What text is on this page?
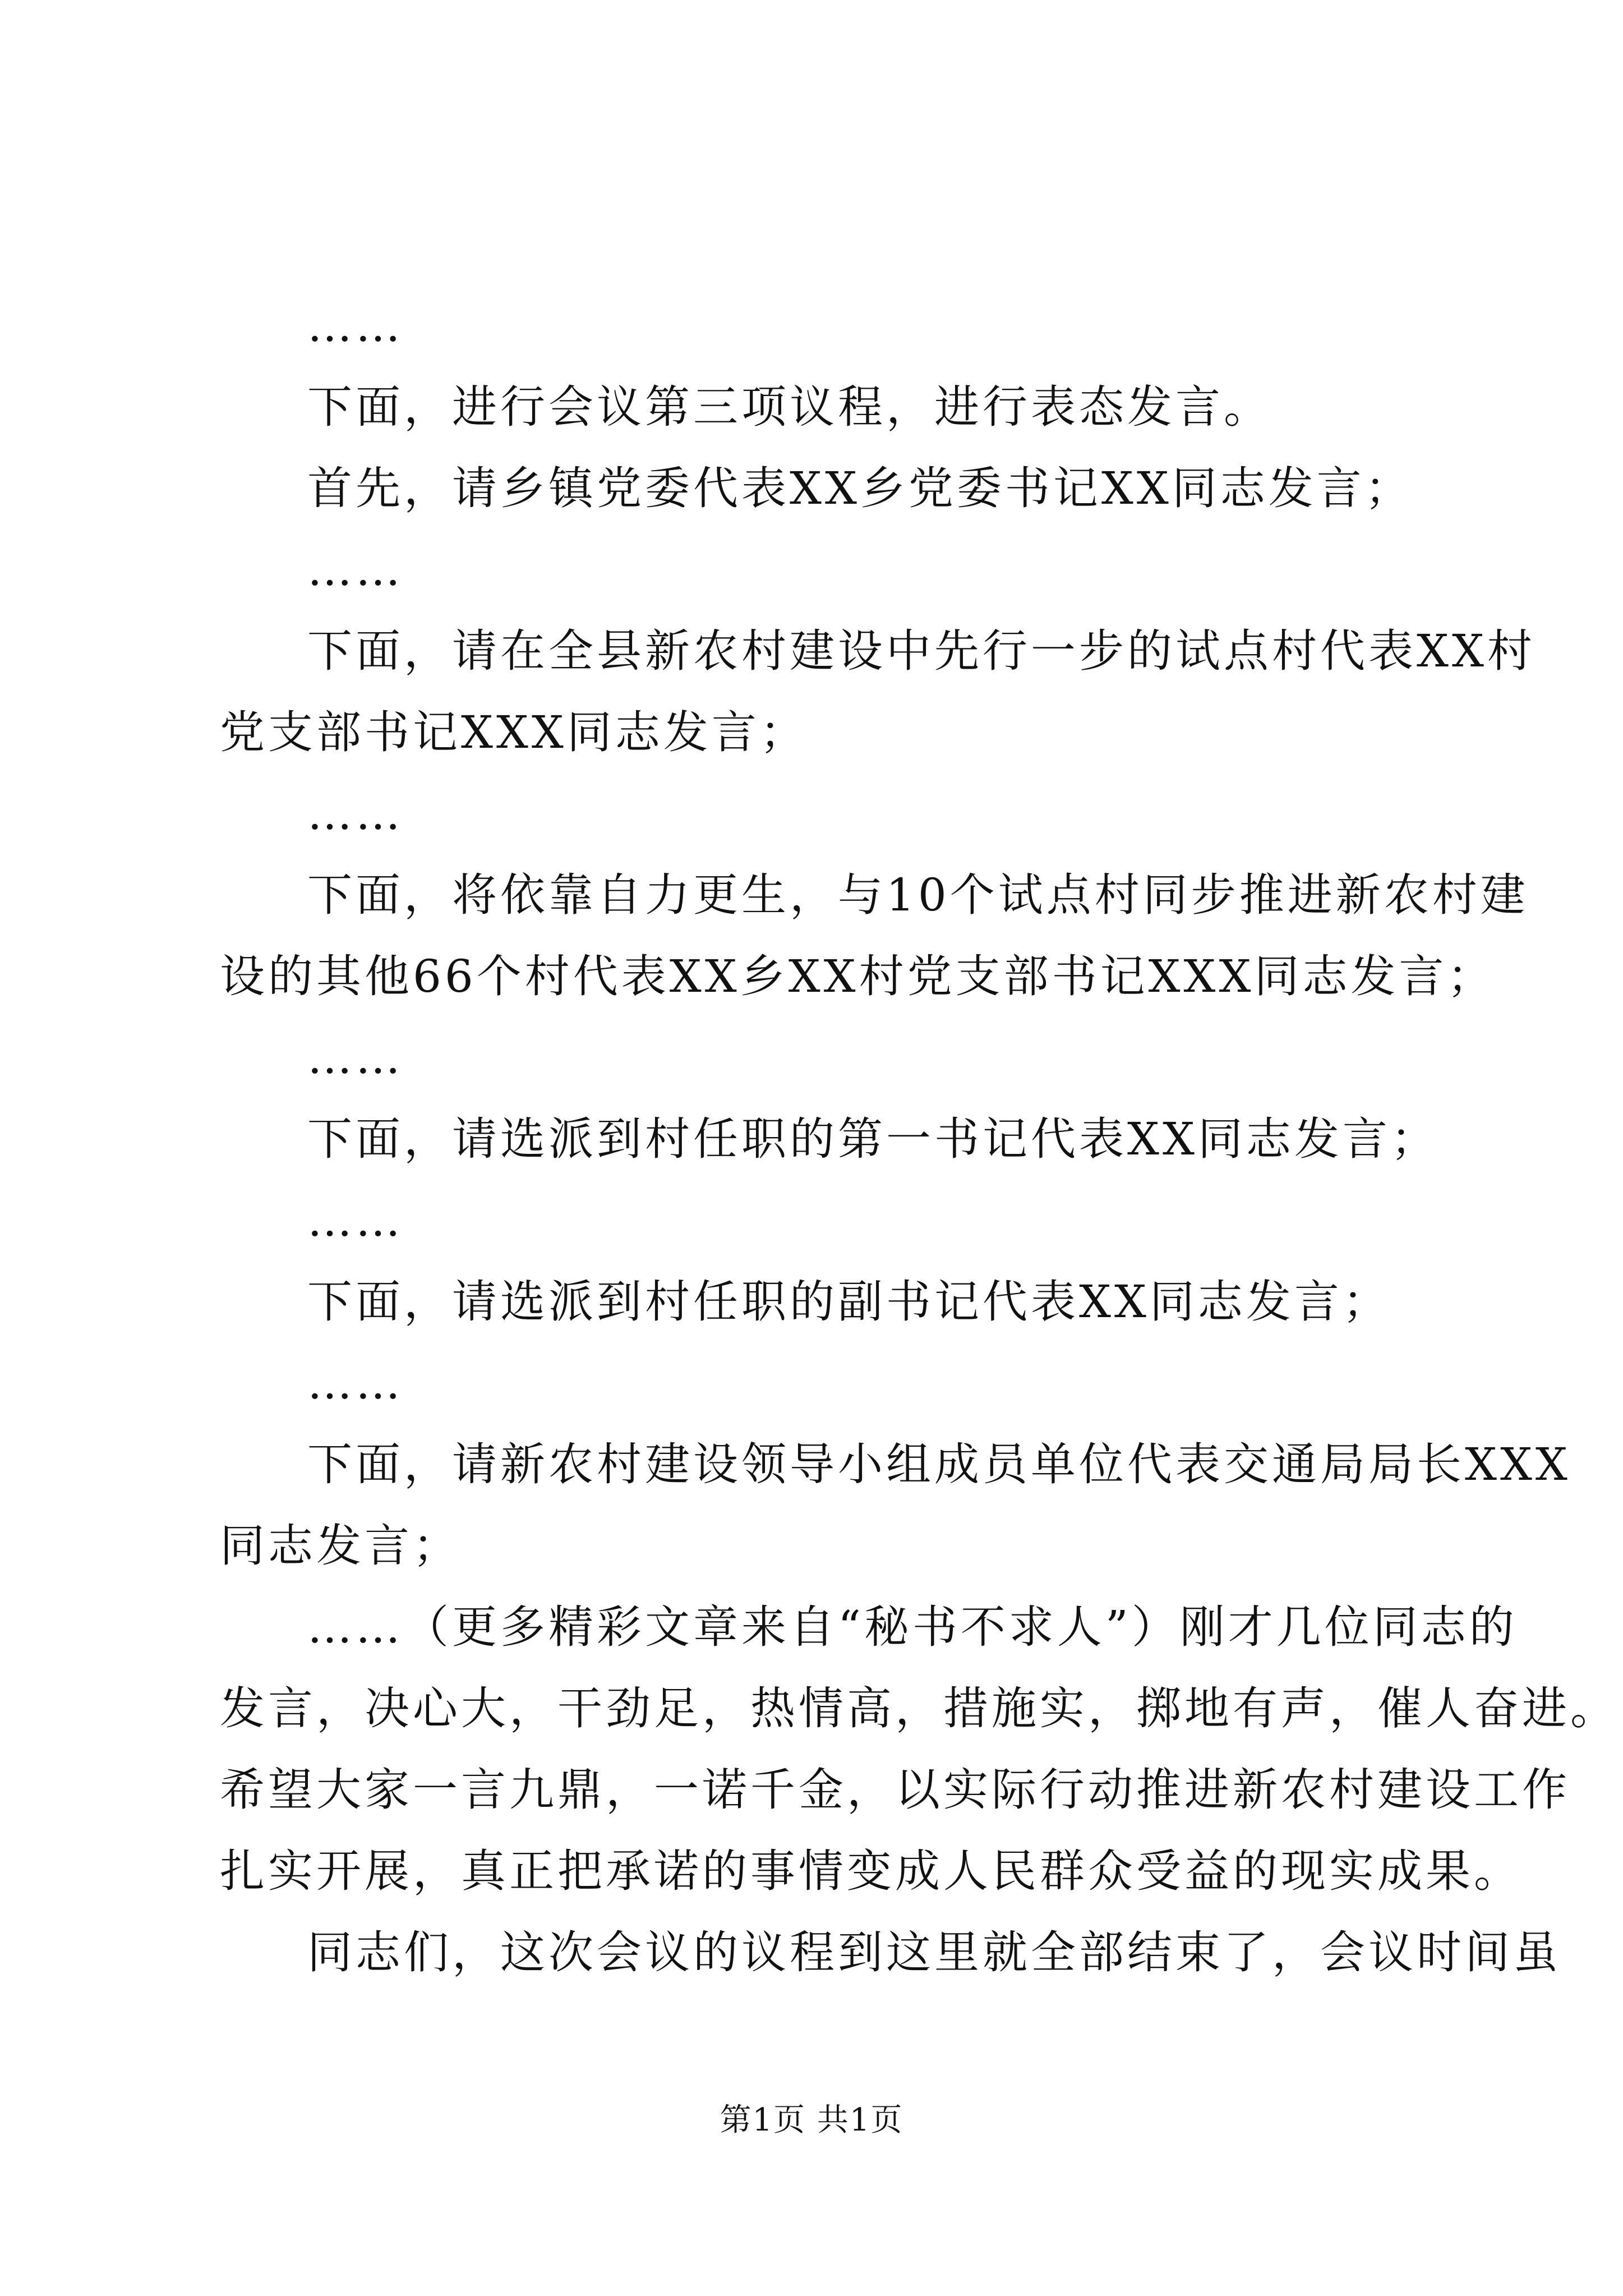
……
下面，进行会议第三项议程，进行表态发言。
首先，请乡镇党委代表XX乡党委书记XX同志发言；
……
下面，请在全县新农村建设中先行一步的试点村代表XX村
党支部书记XXX同志发言；
……
下面，将依靠自力更生，与10个试点村同步推进新农村建
设的其他66个村代表XX乡XX村党支部书记XXX同志发言；
……
下面，请选派到村任职的第一书记代表XX同志发言；
……
下面，请选派到村任职的副书记代表XX同志发言；
……
下面，请新农村建设领导小组成员单位代表交通局局长XXX
同志发言；
……（更多精彩文章来自“秘书不求人”）刚才几位同志的
发言，决心大，干劲足，热情高，措施实，掷地有声，催人奋进。
希望大家一言九鼎，一诺千金，以实际行动推进新农村建设工作
扎实开展，真正把承诺的事情变成人民群众受益的现实成果。
同志们，这次会议的议程到这里就全部结束了，会议时间虽
第1页 共1页
